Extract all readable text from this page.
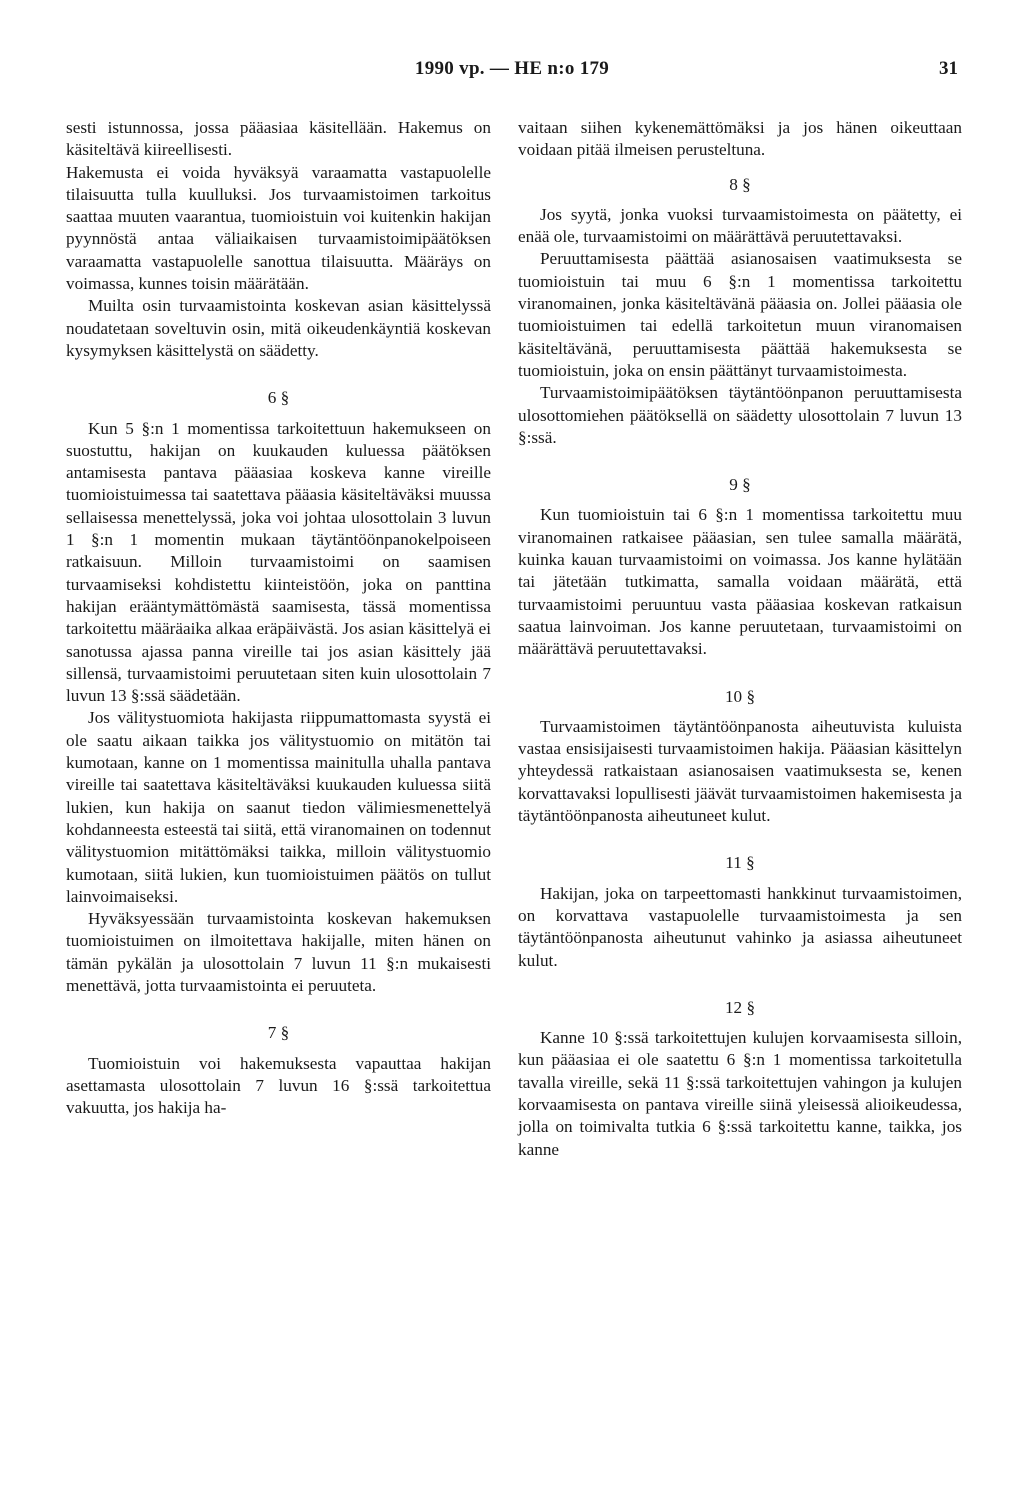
1990 vp. — HE n:o 179	31

sesti istunnossa, jossa pääasiaa käsitellään. Hakemus on käsiteltävä kiireellisesti.

Hakemusta ei voida hyväksyä varaamatta vastapuolelle tilaisuutta tulla kuulluksi. Jos turvaamistoimen tarkoitus saattaa muuten vaarantua, tuomioistuin voi kuitenkin hakijan pyynnöstä antaa väliaikaisen turvaamistoimipäätöksen varaamatta vastapuolelle sanottua tilaisuutta. Määräys on voimassa, kunnes toisin määrätään.

Muilta osin turvaamistointa koskevan asian käsittelyssä noudatetaan soveltuvin osin, mitä oikeudenkäyntiä koskevan kysymyksen käsittelystä on säädetty.

6 §

Kun 5 §:n 1 momentissa tarkoitettuun hakemukseen on suostuttu, hakijan on kuukauden kuluessa päätöksen antamisesta pantava pääasiaa koskeva kanne vireille tuomioistuimessa tai saatettava pääasia käsiteltäväksi muussa sellaisessa menettelyssä, joka voi johtaa ulosottolain 3 luvun 1 §:n 1 momentin mukaan täytäntöönpanokelpoiseen ratkaisuun. Milloin turvaamistoimi on saamisen turvaamiseksi kohdistettu kiinteistöön, joka on panttina hakijan erääntymättömästä saamisesta, tässä momentissa tarkoitettu määräaika alkaa eräpäivästä. Jos asian käsittelyä ei sanotussa ajassa panna vireille tai jos asian käsittely jää sillensä, turvaamistoimi peruutetaan siten kuin ulosottolain 7 luvun 13 §:ssä säädetään.

Jos välitystuomiota hakijasta riippumattomasta syystä ei ole saatu aikaan taikka jos välitystuomio on mitätön tai kumotaan, kanne on 1 momentissa mainitulla uhalla pantava vireille tai saatettava käsiteltäväksi kuukauden kuluessa siitä lukien, kun hakija on saanut tiedon välimiesmenettelyä kohdanneesta esteestä tai siitä, että viranomainen on todennut välitystuomion mitättömäksi taikka, milloin välitystuomio kumotaan, siitä lukien, kun tuomioistuimen päätös on tullut lainvoimaiseksi.

Hyväksyessään turvaamistointa koskevan hakemuksen tuomioistuimen on ilmoitettava hakijalle, miten hänen on tämän pykälän ja ulosottolain 7 luvun 11 §:n mukaisesti menettävä, jotta turvaamistointa ei peruuteta.

7 §

Tuomioistuin voi hakemuksesta vapauttaa hakijan asettamasta ulosottolain 7 luvun 16 §:ssä tarkoitettua vakuutta, jos hakija ha-

vaitaan siihen kykenemättömäksi ja jos hänen oikeuttaan voidaan pitää ilmeisen perusteltuna.

8 §

Jos syytä, jonka vuoksi turvaamistoimesta on päätetty, ei enää ole, turvaamistoimi on määrättävä peruutettavaksi.

Peruuttamisesta päättää asianosaisen vaatimuksesta se tuomioistuin tai muu 6 §:n 1 momentissa tarkoitettu viranomainen, jonka käsiteltävänä pääasia on. Jollei pääasia ole tuomioistuimen tai edellä tarkoitetun muun viranomaisen käsiteltävänä, peruuttamisesta päättää hakemuksesta se tuomioistuin, joka on ensin päättänyt turvaamistoimesta.

Turvaamistoimipäätöksen täytäntöönpanon peruuttamisesta ulosottomiehen päätöksellä on säädetty ulosottolain 7 luvun 13 §:ssä.

9 §

Kun tuomioistuin tai 6 §:n 1 momentissa tarkoitettu muu viranomainen ratkaisee pääasian, sen tulee samalla määrätä, kuinka kauan turvaamistoimi on voimassa. Jos kanne hylätään tai jätetään tutkimatta, samalla voidaan määrätä, että turvaamistoimi peruuntuu vasta pääasiaa koskevan ratkaisun saatua lainvoiman. Jos kanne peruutetaan, turvaamistoimi on määrättävä peruutettavaksi.

10 §

Turvaamistoimen täytäntöönpanosta aiheutuvista kuluista vastaa ensisijaisesti turvaamistoimen hakija. Pääasian käsittelyn yhteydessä ratkaistaan asianosaisen vaatimuksesta se, kenen korvattavaksi lopullisesti jäävät turvaamistoimen hakemisesta ja täytäntöönpanosta aiheutuneet kulut.

11 §

Hakijan, joka on tarpeettomasti hankkinut turvaamistoimen, on korvattava vastapuolelle turvaamistoimesta ja sen täytäntöönpanosta aiheutunut vahinko ja asiassa aiheutuneet kulut.

12 §

Kanne 10 §:ssä tarkoitettujen kulujen korvaamisesta silloin, kun pääasiaa ei ole saatettu 6 §:n 1 momentissa tarkoitetulla tavalla vireille, sekä 11 §:ssä tarkoitettujen vahingon ja kulujen korvaamisesta on pantava vireille siinä yleisessä alioikeudessa, jolla on toimivalta tutkia 6 §:ssä tarkoitettu kanne, taikka, jos kanne
